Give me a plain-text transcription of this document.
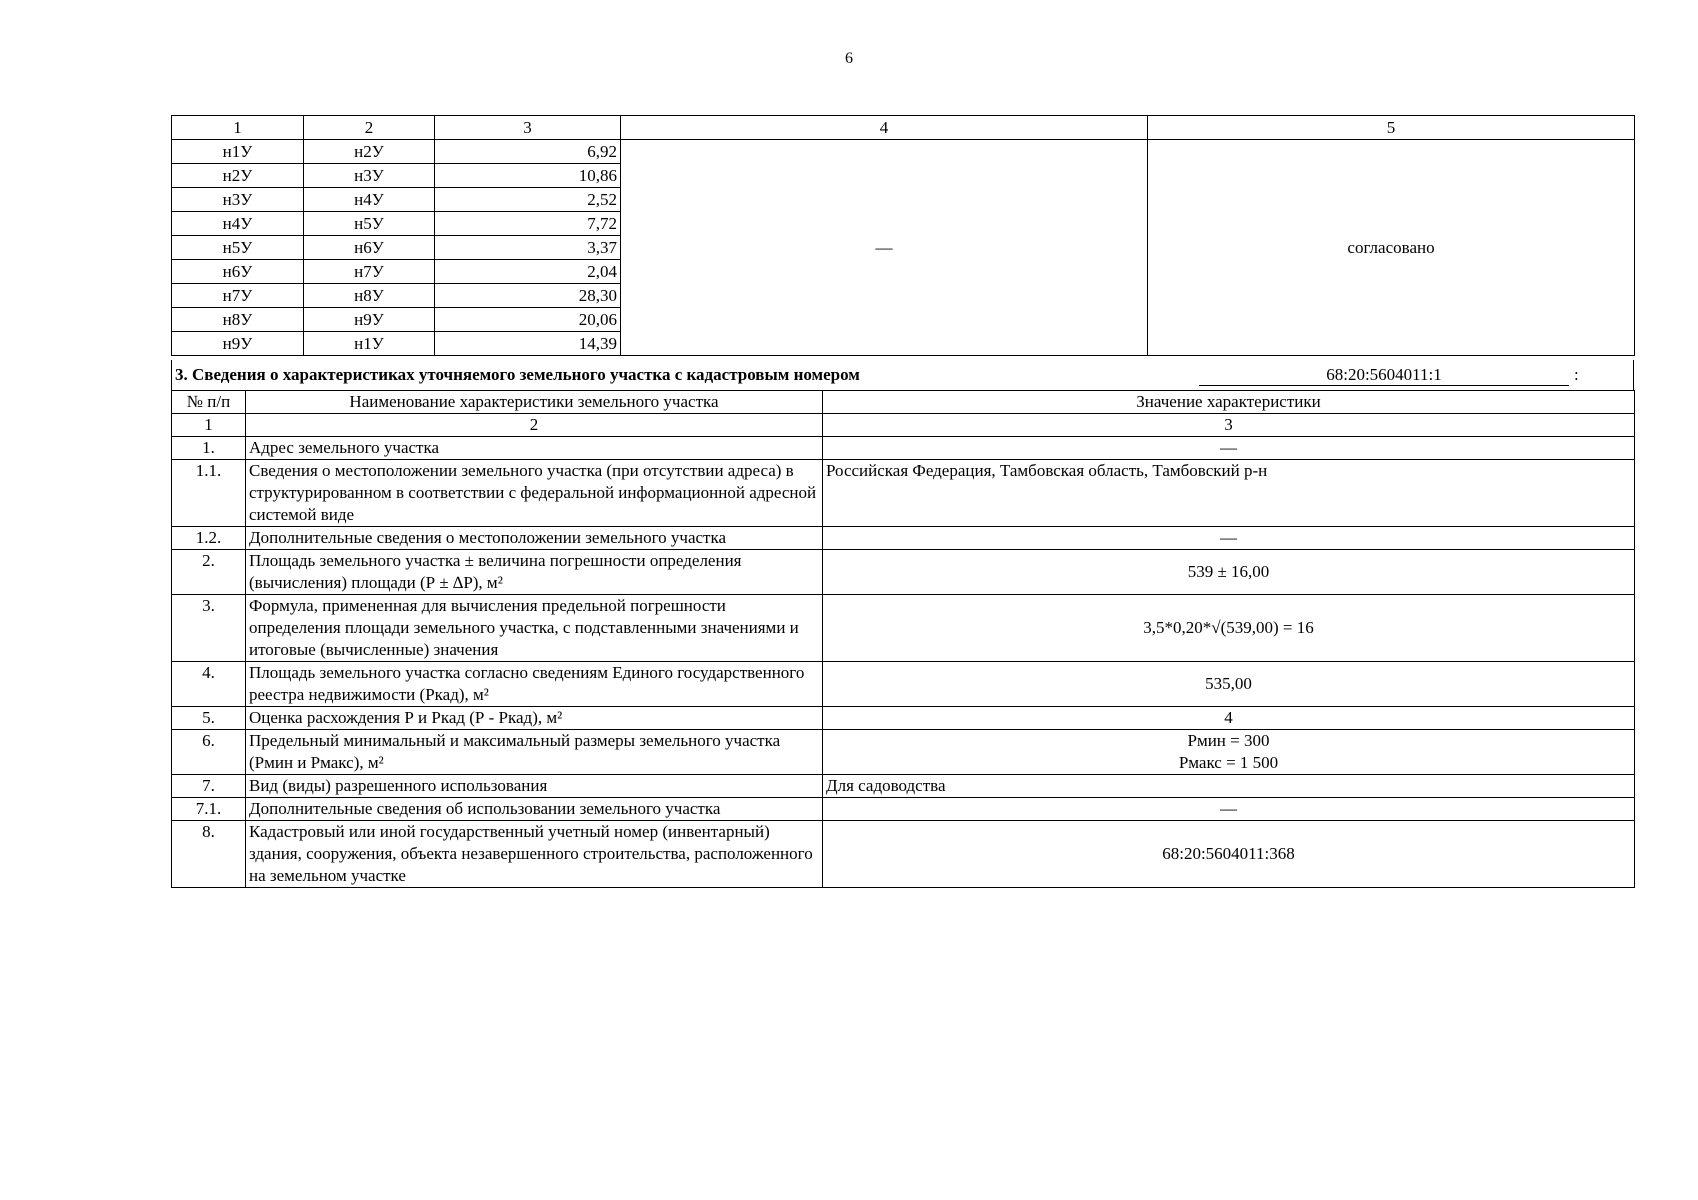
6
1	2	3	4	5
н1У	н2У	6,92	—	согласовано
н2У	н3У	10,86		
н3У	н4У	2,52		
н4У	н5У	7,72		
н5У	н6У	3,37		
н6У	н7У	2,04		
н7У	н8У	28,30		
н8У	н9У	20,06		
н9У	н1У	14,39		
3. Сведения о характеристиках уточняемого земельного участка с кадастровым номером	68:20:5604011:1	:
№ п/п	Наименование характеристики земельного участка	Значение характеристики
1	2	3
1.	Адрес земельного участка	—
1.1.	Сведения о местоположении земельного участка (при отсутствии адреса) в структурированном в соответствии с федеральной информационной адресной системой виде	Российская Федерация, Тамбовская область, Тамбовский р-н
1.2.	Дополнительные сведения о местоположении земельного участка	—
2.	Площадь земельного участка ± величина погрешности определения (вычисления) площади (Р ± ∆Р), м²	539 ± 16,00
3.	Формула, примененная для вычисления предельной погрешности определения площади земельного участка, с подставленными значениями и итоговые (вычисленные) значения	3,5*0,20*√(539,00) = 16
4.	Площадь земельного участка согласно сведениям Единого государственного реестра недвижимости (Ркад), м²	535,00
5.	Оценка расхождения Р и Ркад (Р - Ркад), м²	4
6.	Предельный минимальный и максимальный размеры земельного участка (Рмин и Рмакс), м²	Рмин = 300
Рмакс = 1 500

7.	Вид (виды) разрешенного использования	Для садоводства
7.1.	Дополнительные сведения об использовании земельного участка	—
8.	Кадастровый или иной государственный учетный номер (инвентарный) здания, сооружения, объекта незавершенного строительства, расположенного на земельном участке	68:20:5604011:368
